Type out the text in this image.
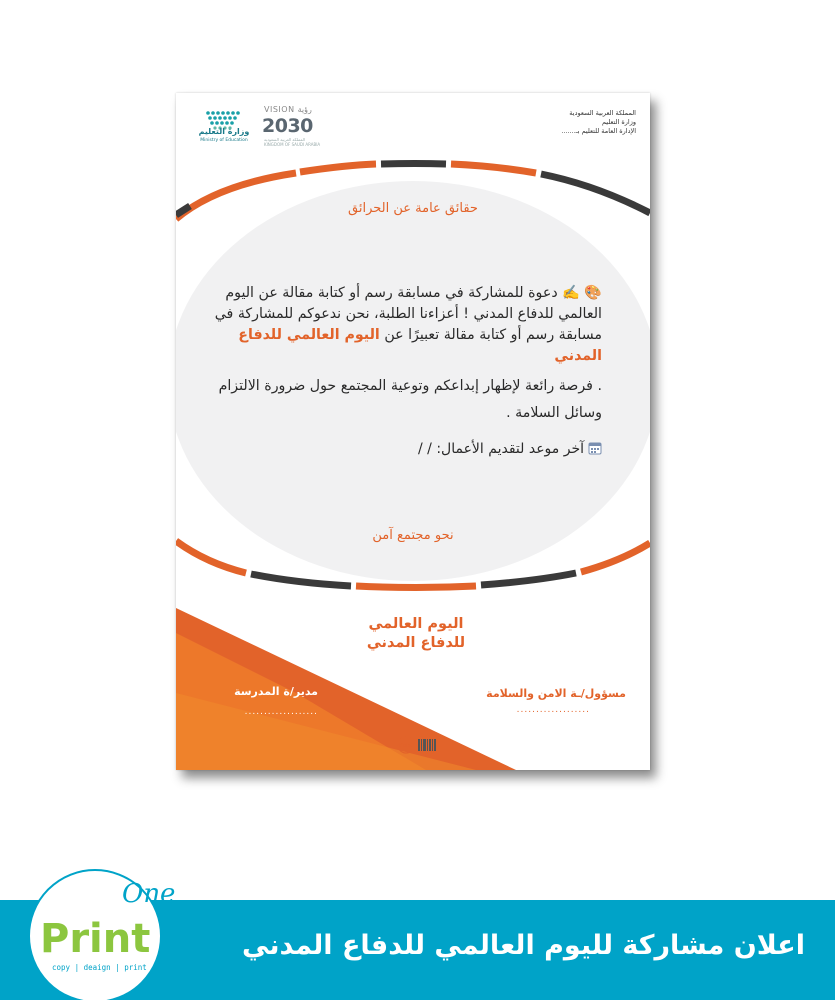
المملكة العربية السعودية
وزارة التعليم
الإدارة العامة للتعليم بـ.......
وزارة التعليم
Ministry of Education
VISION رؤية
2030
المملكة العربية السعودية KINGDOM OF SAUDI ARABIA
حقائق عامة عن الحرائق

🎨 ✍️ دعوة للمشاركة في مسابقة رسم أو كتابة مقالة عن اليوم العالمي للدفاع المدني ! أعزاءنا الطلبة، نحن ندعوكم للمشاركة في مسابقة رسم أو كتابة مقالة تعبيرًا عن اليوم العالمي للدفاع المدني

. فرصة رائعة لإظهار إبداعكم وتوعية المجتمع حول ضرورة الالتزام وسائل السلامة .

آخر موعد لتقديم الأعمال: / /
نحو مجتمع آمن
اليوم العالمي
للدفاع المدني
مسؤول/ـة الامن والسلامة
...................
مدير/ة المدرسة
...................
Print
اعلان مشاركة لليوم العالمي للدفاع المدني
One
Print
copy | deaign | print
